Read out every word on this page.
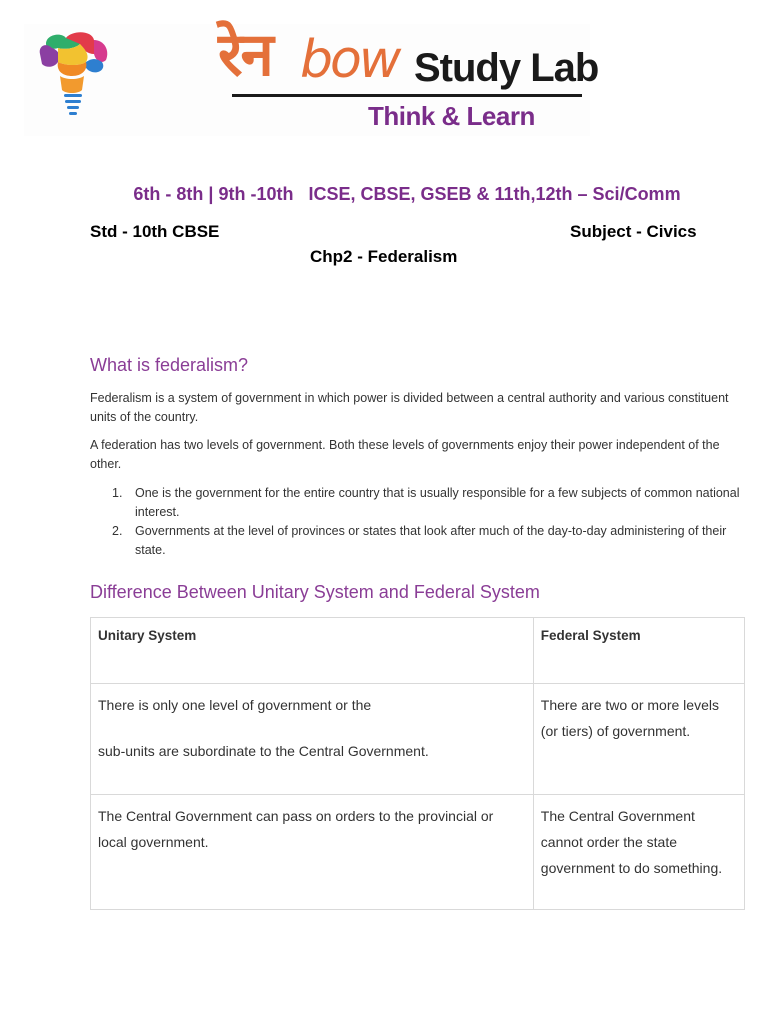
रेन bow Study Lab
Think & Learn
6th - 8th | 9th -10th   ICSE, CBSE, GSEB & 11th,12th – Sci/Comm
Std - 10th CBSE	Subject - Civics
Chp2 - Federalism
What is federalism?
Federalism is a system of government in which power is divided between a central authority and various constituent units of the country.
A federation has two levels of government. Both these levels of governments enjoy their power independent of the other.
1. One is the government for the entire country that is usually responsible for a few subjects of common national interest.
2. Governments at the level of provinces or states that look after much of the day-to-day administering of their state.
Difference Between Unitary System and Federal System
Unitary System	Federal System
There is only one level of government or the
sub-units are subordinate to the Central Government.	There are two or more levels (or tiers) of government.
The Central Government can pass on orders to the provincial or local government.	The Central Government cannot order the state government to do something.
